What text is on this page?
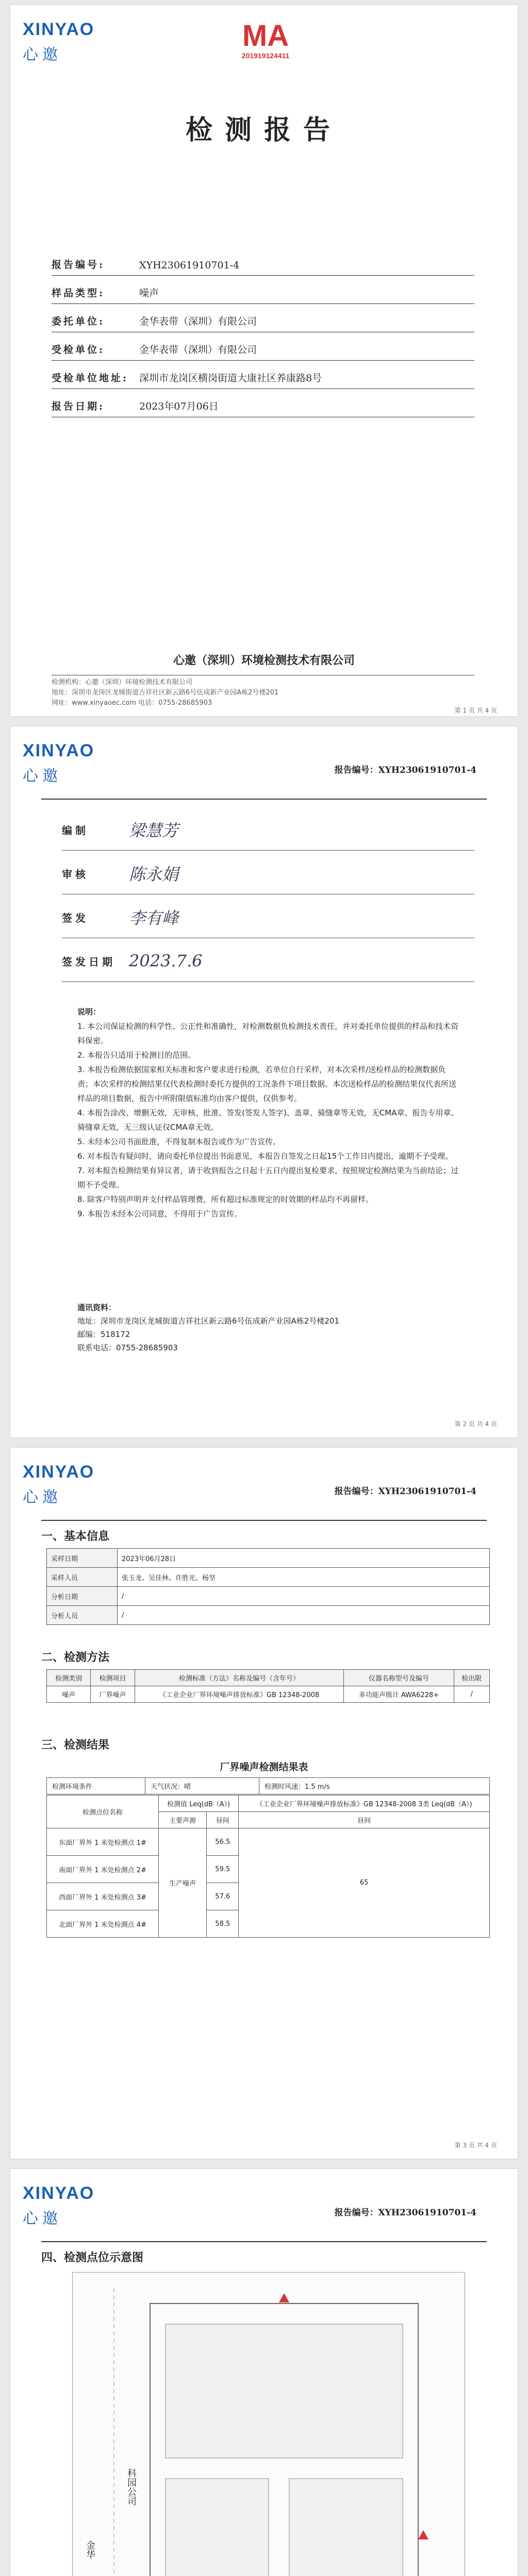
XINYAO
心邀
MA
201919124411
检测报告
报告编号:	XYH23061910701-4
样品类型:	噪声
委托单位:	金华表带（深圳）有限公司
受检单位:	金华表带（深圳）有限公司
受检单位地址:	深圳市龙岗区横岗街道大康社区养康路8号
报告日期:	2023年07月06日
心邀（深圳）环境检测技术有限公司
检测机构：心邀（深圳）环境检测技术有限公司
地址：深圳市龙岗区龙城街道吉祥社区新云路6号伍成新产业园A栋2号楼201
网址：www.xinyaoec.com 电话：0755-28685903
第 1 页 共 4 页
XINYAO
心邀	报告编号：XYH23061910701-4
编制	梁慧芳
审核	陈永娟
签发	李有峰
签发日期 2023.7.6

说明：

1. 本公司保证检测的科学性、公正性和准确性，对检测数据负检测技术责任，并对委托单位提供的样品和技术资料保密。

2. 本报告只适用于检测目的范围。

3. 本报告检测依据国家相关标准和客户要求进行检测，若单位自行采样，对本次采样/送检样品的检测数据负责；本次采样的检测结果仅代表检测时委托方提供的工况条件下项目数据。本次送检样品的检测结果仅代表所送样品的项目数据，报告中所附限值标准均由客户提供，仅供参考。

4. 本报告涂改、增删无效，无审核、批准、签发(签发人签字)、盖章、骑缝章等无效，无CMA章、报告专用章、骑缝章无效，无三级认证仅CMA章无效。

5. 未经本公司书面批准，不得复制本报告或作为广告宣传。

6. 对本报告有疑问时，请向委托单位提出书面意见，本报告自签发之日起15个工作日内提出，逾期不予受理。

7. 对本报告检测结果有异议者，请于收到报告之日起十五日内提出复检要求，按照规定检测结果为当前结论；过期不予受理。

8. 除客户特别声明并支付样品管理费，所有超过标准规定的时效期的样品均不再留样。

9. 本报告未经本公司同意，不得用于广告宣传。

通讯资料：

地址：深圳市龙岗区龙城街道吉祥社区新云路6号伍成新产业园A栋2号楼201

邮编：518172

联系电话：0755-28685903

第 2 页 共 4 页
XINYAO
心邀	报告编号：XYH23061910701-4
一、基本信息
采样日期	2023年06月28日
采样人员	张玉龙、吴佳林、许胜光、杨坚
分析日期	/
分析人员	/
二、检测方法
检测类别	检测项目	检测标准（方法）名称及编号（含年号）	仪器名称型号及编号	检出限
噪声	厂界噪声	《工业企业厂界环境噪声排放标准》GB 12348-2008	多功能声级计 AWA6228+	/
三、检测结果
厂界噪声检测结果表
检测环境条件	天气状况：晴	检测时风速：1.5 m/s
检测点位名称	检测值 Leq(dB（A）)		《工业企业厂界环境噪声排放标准》GB 12348-2008 3类 Leq(dB（A）)
	主要声源	昼间	昼间
东面厂界外 1 米处检测点 1#	生产噪声	56.5	65
南面厂界外 1 米处检测点 2#		59.5	
西面厂界外 1 米处检测点 3#		57.6	
北面厂界外 1 米处检测点 4#		58.5	
第 3 页 共 4 页
XINYAO
心邀	报告编号：XYH23061910701-4
四、检测点位示意图
金华
科园公司
